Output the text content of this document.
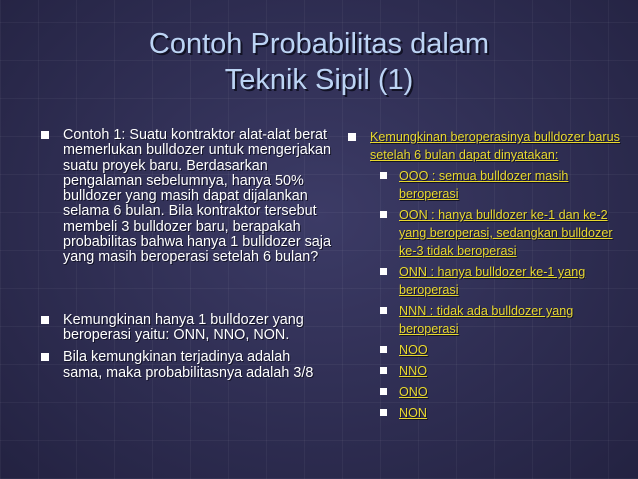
Contoh Probabilitas dalam
Teknik Sipil (1)
Contoh 1: Suatu kontraktor alat-alat berat memerlukan bulldozer untuk mengerjakan suatu proyek baru. Berdasarkan pengalaman sebelumnya, hanya 50% bulldozer yang masih dapat dijalankan selama 6 bulan. Bila kontraktor tersebut membeli 3 bulldozer baru, berapakah probabilitas bahwa hanya 1 bulldozer saja yang masih beroperasi setelah 6 bulan?
Kemungkinan hanya 1 bulldozer yang beroperasi yaitu: ONN, NNO, NON.
Bila kemungkinan terjadinya adalah sama, maka probabilitasnya adalah 3/8
Kemungkinan beroperasinya bulldozer barus setelah 6 bulan dapat dinyatakan:
OOO : semua bulldozer masih beroperasi
OON : hanya bulldozer ke-1 dan ke-2 yang beroperasi, sedangkan bulldozer ke-3 tidak beroperasi
ONN : hanya bulldozer ke-1 yang beroperasi
NNN : tidak ada bulldozer yang beroperasi
NOO
NNO
ONO
NON
